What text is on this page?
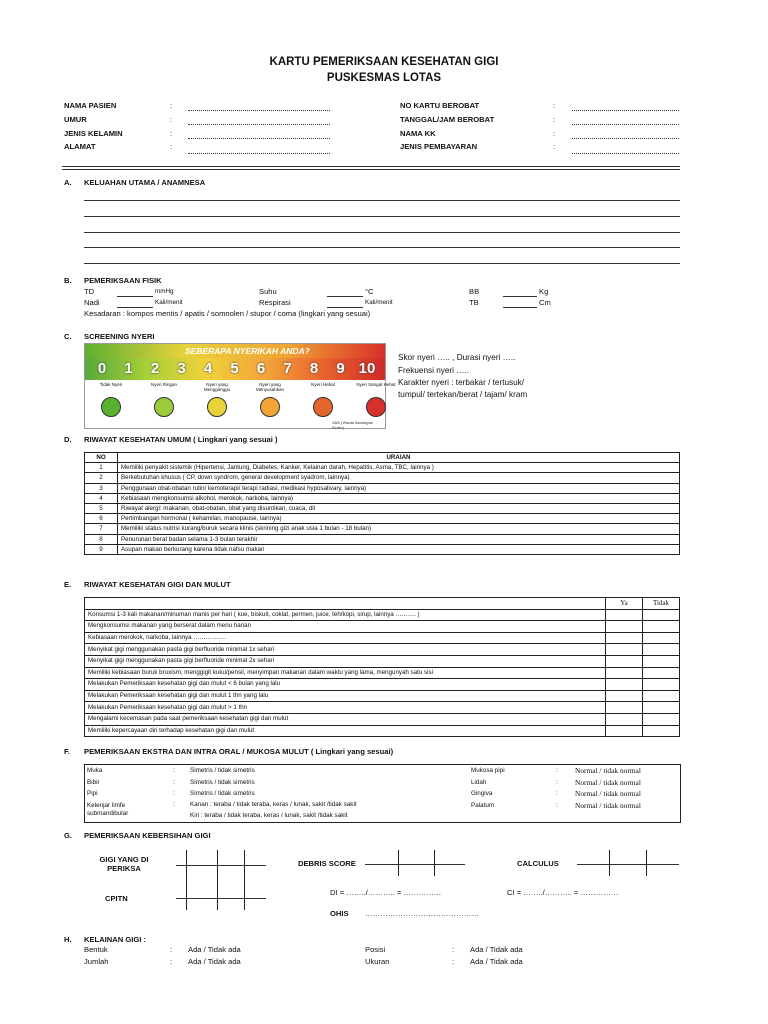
KARTU PEMERIKSAAN KESEHATAN GIGI
PUSKESMAS LOTAS
NAMA PASIEN	:
UMUR	:
JENIS KELAMIN	:
ALAMAT	:
NO KARTU BEROBAT	:
TANGGAL/JAM BEROBAT	:
NAMA KK	:
JENIS PEMBAYARAN	:
A. KELUAHAN UTAMA / ANAMNESA
B. PEMERIKSAAN FISIK
TD	mmHg	Suhu	°C	BB	Kg
Nadi	Kali/menit	Respirasi	Kali/menit	TB	Cm
Kesadaran : kompos mentis / apatis / somnolen / stupor / coma (lingkari yang sesuai)
C. SCREENING NYERI
SEBERAPA NYERIKAH ANDA?
0	1	2	3	4	5	6	7	8	9 10
Tidak Nyeri	Nyeri Ringan	Nyeri yang Mengganggu
Nyeri yang Menyusahkan
Nyeri Hebat	Nyeri Sangat Hebat
VAS (Visual Analogue Scale)
Skor nyeri ….. , Durasi nyeri …..
Frekuensi nyeri …..
Karakter nyeri : terbakar / tertusuk/
tumpul/ tertekan/berat / tajam/ kram
D. RIWAYAT KESEHATAN UMUM ( Lingkari yang sesuai )
NO	URAIAN
1	Memiliki penyakit sistemik (Hipertensi, Jantung, Diabetes, Kanker, Kelainan darah, Hepatitis, Asma, TBC, lainnya )
2	Berkebutuhan khusus ( CP, down syndrom, general development syadrom, lainnya)
3	Penggunaan obat-obatan rutin/ kemoterapi/ terapi radiasi, medikasi hyposalivary, lainnya)
4	Kebiasaan mengkonsumsi alkohol, merokok, narkoba, lainnya)
5	Riwayat alergi: makanan, obat-obatan, obat yang disuntikan, cuaca, dll
6	Pertimbangan hormonal ( kehamilan, manopause, lainnya)
7	Memiliki status nutrisi kurang/buruk secara klinis (skrining gizi anak usia 1 bulan - 18 bulan)
8	Penurunan berat badan selama 1-3 bulan terakhir
9	Asupan makan berkurang karena tidak nafsu makan
E. RIWAYAT KESEHATAN GIGI DAN MULUT
	Ya	Tidak
Konsumsi 1-3 kali makanan/minuman manis per hari ( kue, biskuit, coklat, permen, juice, teh/kopi, sirup, lainnya ………. )		
Mengkonsumsi makanan yang berserat dalam menu harian		
Kebiasaan merokok, narkoba, lainnya …………….		
Menyikat gigi menggunakan pasta gigi berfluoride minimal 1x sehari		
Menyikat gigi menggunakan pasta gigi berfluoride minimal 2x sehari		
Memiliki kebiasaan buruk bruxism, menggigit kuku/pensil, menyimpan makanan dalam waktu yang lama, mengunyah satu sisi		
Melakukan Pemeriksaan kesehatan gigi dan mulut < 6 bulan yang lalu		
Melakukan Pemeriksaan kesehatan gigi dan mulut 1 thn yang lalu		
Melakukan Pemeriksaan kesehatan gigi dan mulut > 1 thn		
Mengalami kecemasan pada saat pemeriksaan kesehatan gigi dan mulut		
Memiliki kepercayaan diri terhadap kesehatan gigi dan mulut		
F. PEMERIKSAAN EKSTRA DAN INTRA ORAL / MUKOSA MULUT ( Lingkari yang sesuai)
Muka	: Simetris / tidak simetris
Bibir	: Simetris / tidak simetris
Pipi	: Simetris / tidak simetris
Kelenjar limfe
submandibular
: Kanan : teraba / tidak teraba, keras / lunak, sakit /tidak sakit
Kiri : teraba / tidak teraba, keras / lunak, sakit /tidak sakit
Mukosa pipi	: Normal / tidak normal
Lidah	: Normal / tidak normal
Gingiva	: Normal / tidak normal
Palatum	: Normal / tidak normal
G. PEMERIKSAAN KEBERSIHAN GIGI
GIGI YANG DI
PERIKSA
DEBRIS SCORE	CALCULUS
CPITN
DI = ……../……….. = ……………	CI = ……../……….. = ……………
OHIS ………………………………………
H. KELAINAN GIGI :
Bentuk	: Ada / Tidak ada	Posisi	: Ada / Tidak ada
Jumlah	: Ada / Tidak ada	Ukuran	: Ada / Tidak ada
